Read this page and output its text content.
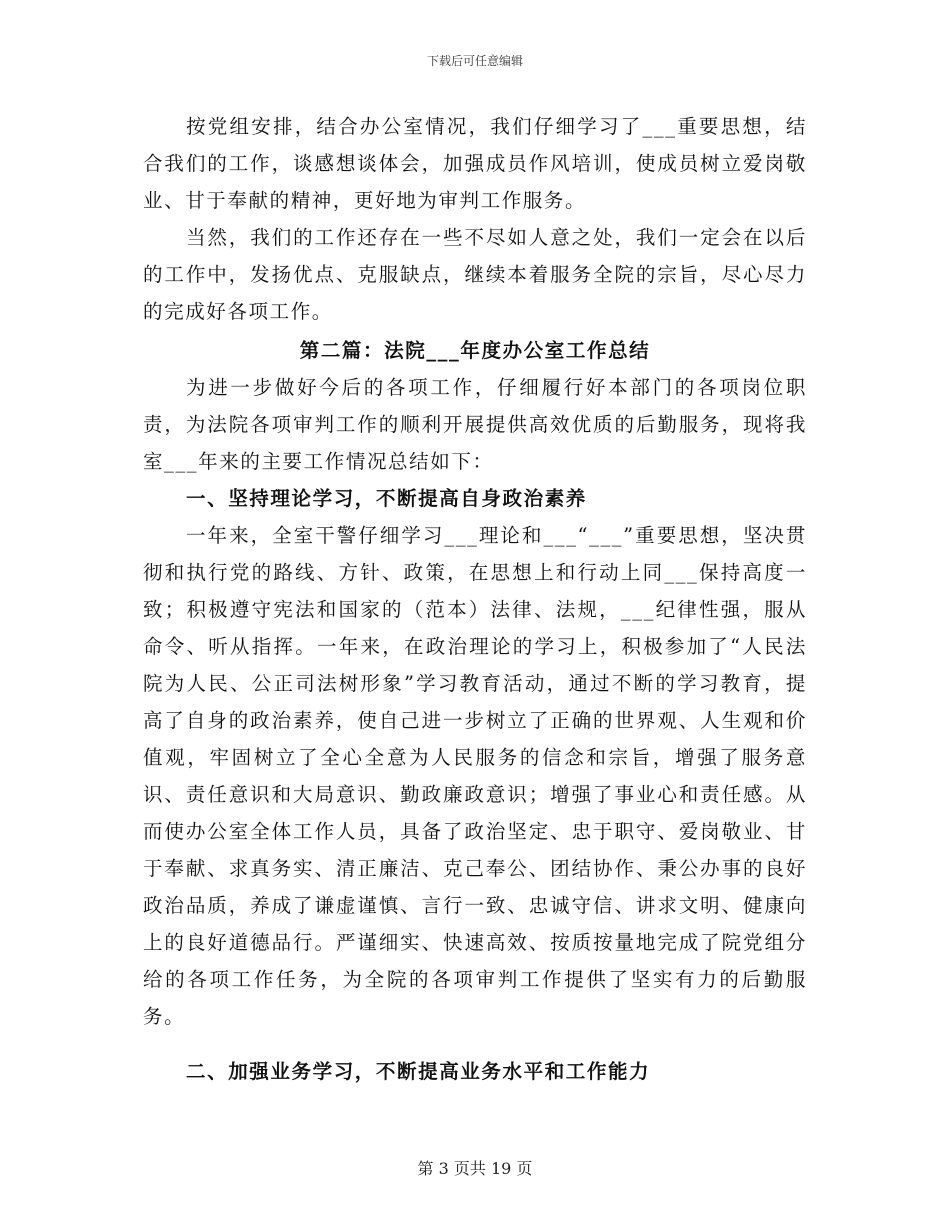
下载后可任意编辑

按党组安排，结合办公室情况，我们仔细学习了___重要思想，结合我们的工作，谈感想谈体会，加强成员作风培训，使成员树立爱岗敬业、甘于奉献的精神，更好地为审判工作服务。

当然，我们的工作还存在一些不尽如人意之处，我们一定会在以后的工作中，发扬优点、克服缺点，继续本着服务全院的宗旨，尽心尽力的完成好各项工作。

第二篇：法院___年度办公室工作总结

为进一步做好今后的各项工作，仔细履行好本部门的各项岗位职责，为法院各项审判工作的顺利开展提供高效优质的后勤服务，现将我室___年来的主要工作情况总结如下：

一、坚持理论学习，不断提高自身政治素养

一年来，全室干警仔细学习___理论和___“___”重要思想，坚决贯彻和执行党的路线、方针、政策，在思想上和行动上同___保持高度一致；积极遵守宪法和国家的（范本）法律、法规，___纪律性强，服从命令、听从指挥。一年来，在政治理论的学习上，积极参加了“人民法院为人民、公正司法树形象”学习教育活动，通过不断的学习教育，提高了自身的政治素养，使自己进一步树立了正确的世界观、人生观和价值观，牢固树立了全心全意为人民服务的信念和宗旨，增强了服务意识、责任意识和大局意识、勤政廉政意识；增强了事业心和责任感。从而使办公室全体工作人员，具备了政治坚定、忠于职守、爱岗敬业、甘于奉献、求真务实、清正廉洁、克己奉公、团结协作、秉公办事的良好政治品质，养成了谦虚谨慎、言行一致、忠诚守信、讲求文明、健康向上的良好道德品行。严谨细实、快速高效、按质按量地完成了院党组分给的各项工作任务，为全院的各项审判工作提供了坚实有力的后勤服务。

二、加强业务学习，不断提高业务水平和工作能力

第 3 页共 19 页
